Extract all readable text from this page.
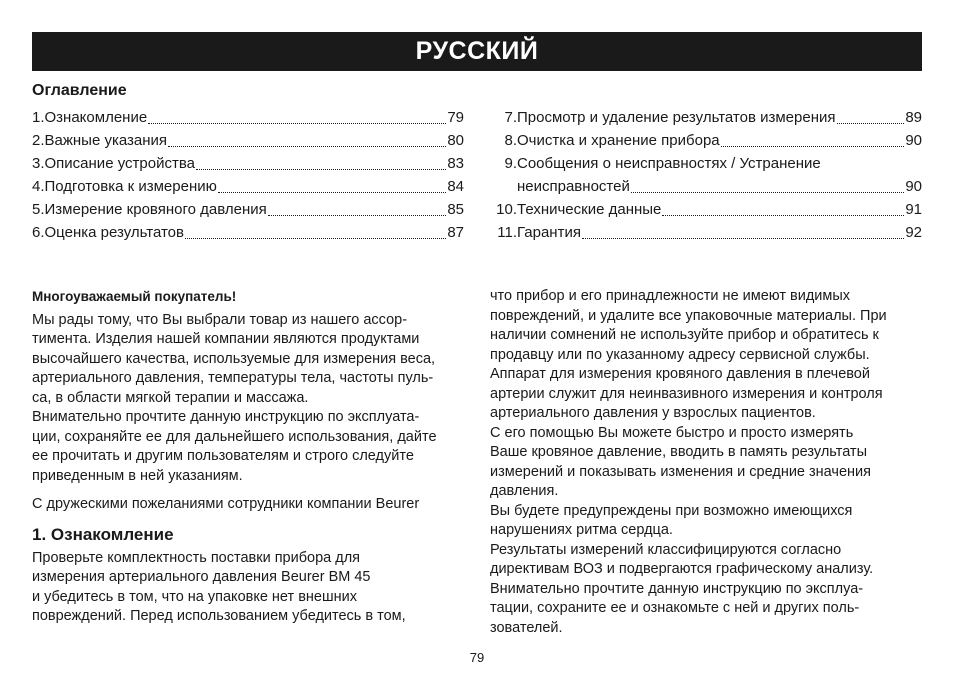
РУССКИЙ
Оглавление
1. Ознакомление	79
2. Важные указания	80
3. Описание устройства	83
4. Подготовка к измерению	84
5. Измерение кровяного давления	85
6. Оценка результатов	87
7. Просмотр и удаление результатов измерения	89
8. Очистка и хранение прибора	90
9. Сообщения о неисправностях / Устранение
неисправностей	90
10. Технические данные	91
11. Гарантия	92
Многоуважаемый покупатель!
Мы рады тому, что Вы выбрали товар из нашего ассор-
тимента. Изделия нашей компании являются продуктами
высочайшего качества, используемые для измерения веса,
артериального давления, температуры тела, частоты пуль-
са, в области мягкой терапии и массажа.
Внимательно прочтите данную инструкцию по эксплуата-
ции, сохраняйте ее для дальнейшего использования, дайте
ее прочитать и другим пользователям и строго следуйте
приведенным в ней указаниям.
С дружескими пожеланиями сотрудники компании Beurer
1. Ознакомление
Проверьте комплектность поставки прибора для
измерения артериального давления Beurer BM 45
и убедитесь в том, что на упаковке нет внешних
повреждений. Перед использованием убедитесь в том,
что прибор и его принадлежности не имеют видимых
повреждений, и удалите все упаковочные материалы. При
наличии сомнений не используйте прибор и обратитесь к
продавцу или по указанному адресу сервисной службы.
Аппарат для измерения кровяного давления в плечевой
артерии служит для неинвазивного измерения и контроля
артериального давления у взрослых пациентов.
С его помощью Вы можете быстро и просто измерять
Ваше кровяное давление, вводить в память результаты
измерений и показывать изменения и средние значения
давления.
Вы будете предупреждены при возможно имеющихся
нарушениях ритма сердца.
Результаты измерений классифицируются согласно
директивам ВОЗ и подвергаются графическому анализу.
Внимательно прочтите данную инструкцию по эксплуа-
тации, сохраните ее и ознакомьте с ней и других поль-
зователей.
79
